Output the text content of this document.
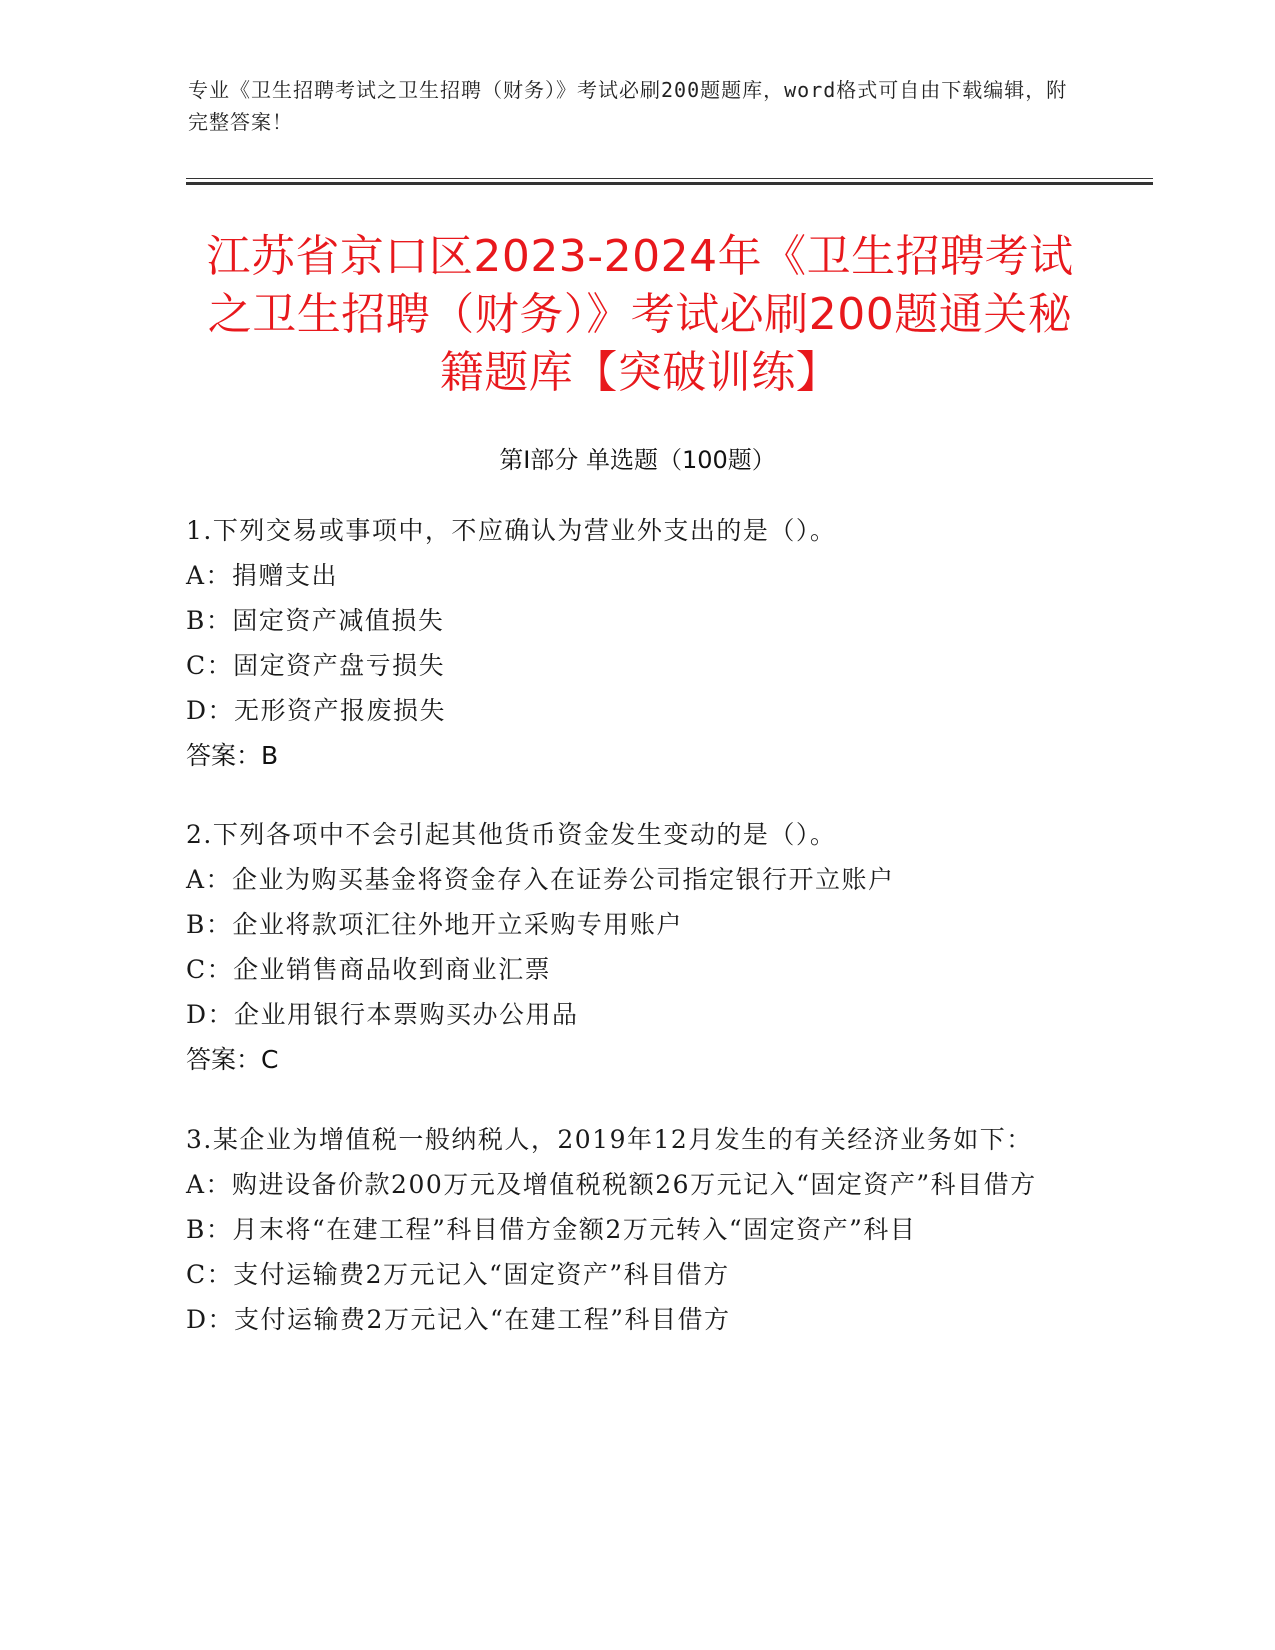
专业《卫生招聘考试之卫生招聘（财务）》考试必刷200题题库，word格式可自由下载编辑，附完整答案！
江苏省京口区2023-2024年《卫生招聘考试之卫生招聘（财务）》考试必刷200题通关秘籍题库【突破训练】
第Ⅰ部分 单选题（100题）
1.下列交易或事项中，不应确认为营业外支出的是（）。
A：捐赠支出
B：固定资产减值损失
C：固定资产盘亏损失
D：无形资产报废损失
答案：B
2.下列各项中不会引起其他货币资金发生变动的是（）。
A：企业为购买基金将资金存入在证券公司指定银行开立账户
B：企业将款项汇往外地开立采购专用账户
C：企业销售商品收到商业汇票
D：企业用银行本票购买办公用品
答案：C
3.某企业为增值税一般纳税人，2019年12月发生的有关经济业务如下：
A：购进设备价款200万元及增值税税额26万元记入“固定资产”科目借方
B：月末将“在建工程”科目借方金额2万元转入“固定资产”科目
C：支付运输费2万元记入“固定资产”科目借方
D：支付运输费2万元记入“在建工程”科目借方
